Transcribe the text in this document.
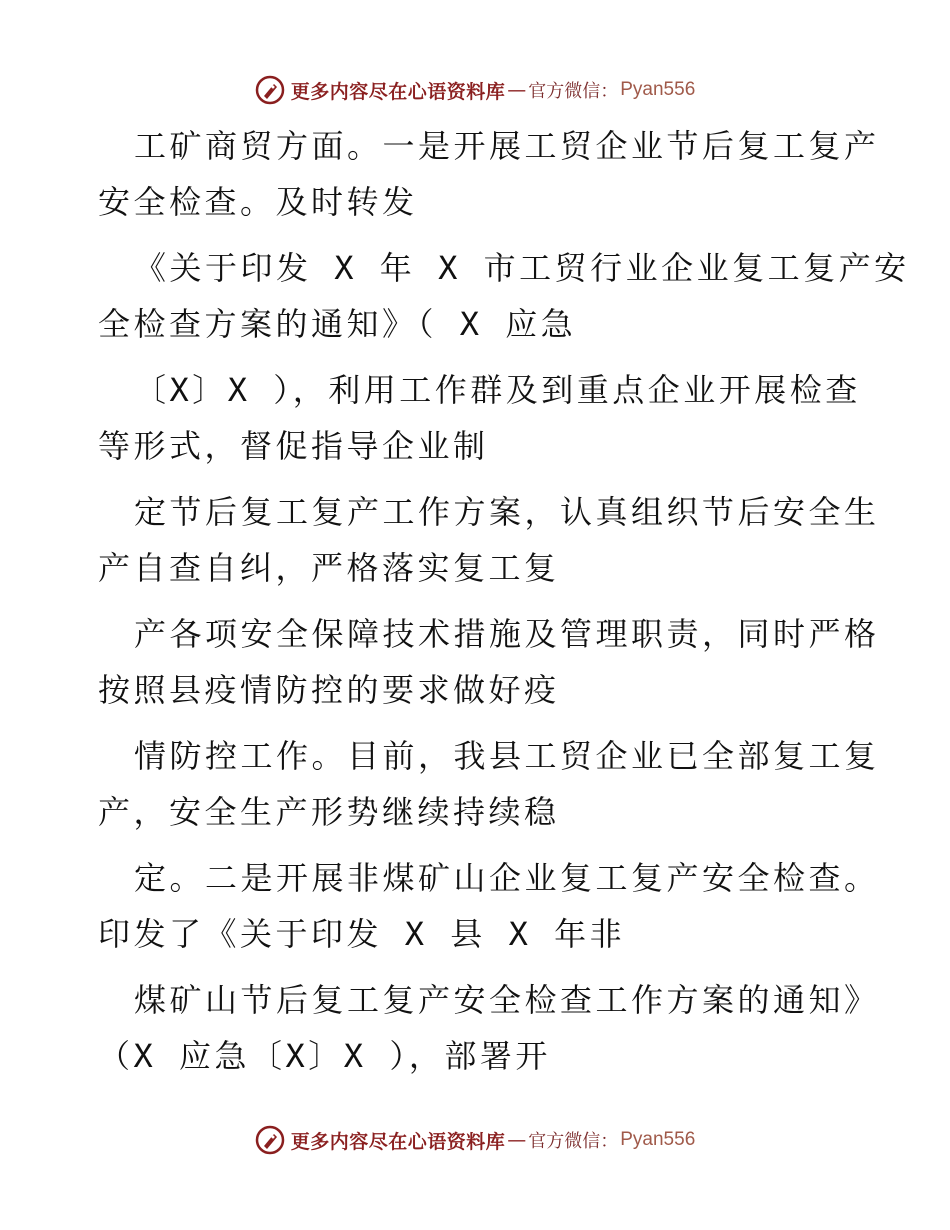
更多内容尽在心语资料库 — 官方微信： Pyan556
工矿商贸方面。一是开展工贸企业节后复工复产
安全检查。及时转发
《关于印发 X 年 X 市工贸行业企业复工复产安
全检查方案的通知》（ X 应急
〔X〕X ），利用工作群及到重点企业开展检查
等形式，督促指导企业制
定节后复工复产工作方案，认真组织节后安全生
产自查自纠，严格落实复工复
产各项安全保障技术措施及管理职责，同时严格
按照县疫情防控的要求做好疫
情防控工作。目前，我县工贸企业已全部复工复
产，安全生产形势继续持续稳
定。二是开展非煤矿山企业复工复产安全检查。
印发了《关于印发 X 县 X 年非
煤矿山节后复工复产安全检查工作方案的通知》
（X 应急〔X〕X ），部署开
更多内容尽在心语资料库 — 官方微信： Pyan556
